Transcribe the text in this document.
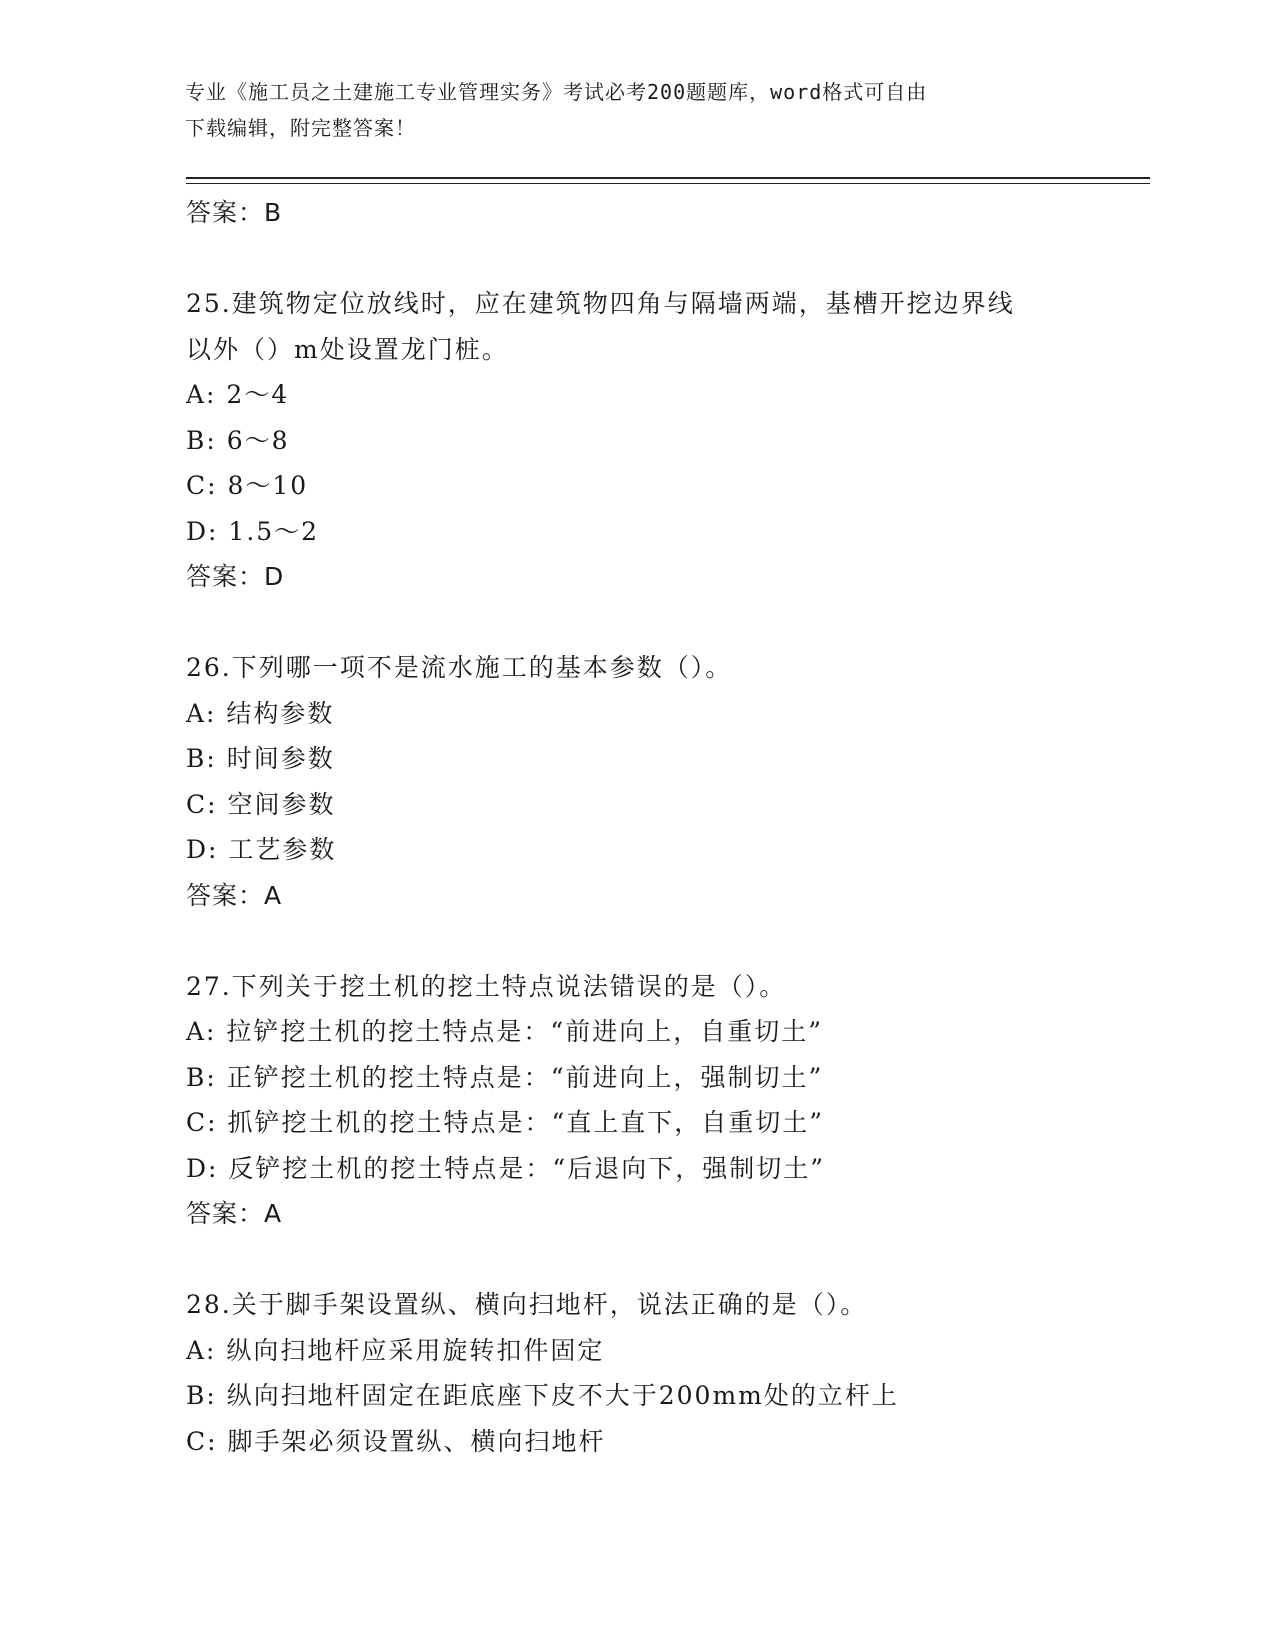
专业《施工员之土建施工专业管理实务》考试必考200题题库，word格式可自由
下载编辑，附完整答案！
答案：B
25.建筑物定位放线时，应在建筑物四角与隔墙两端，基槽开挖边界线
以外（）m处设置龙门桩。
A: 2～4
B: 6～8
C: 8～10
D: 1.5～2
答案：D
26.下列哪一项不是流水施工的基本参数（）。
A: 结构参数
B: 时间参数
C: 空间参数
D: 工艺参数
答案：A
27.下列关于挖土机的挖土特点说法错误的是（）。
A: 拉铲挖土机的挖土特点是：“前进向上，自重切土”
B: 正铲挖土机的挖土特点是：“前进向上，强制切土”
C: 抓铲挖土机的挖土特点是：“直上直下，自重切土”
D: 反铲挖土机的挖土特点是：“后退向下，强制切土”
答案：A
28.关于脚手架设置纵、横向扫地杆，说法正确的是（）。
A: 纵向扫地杆应采用旋转扣件固定
B: 纵向扫地杆固定在距底座下皮不大于200mm处的立杆上
C: 脚手架必须设置纵、横向扫地杆
